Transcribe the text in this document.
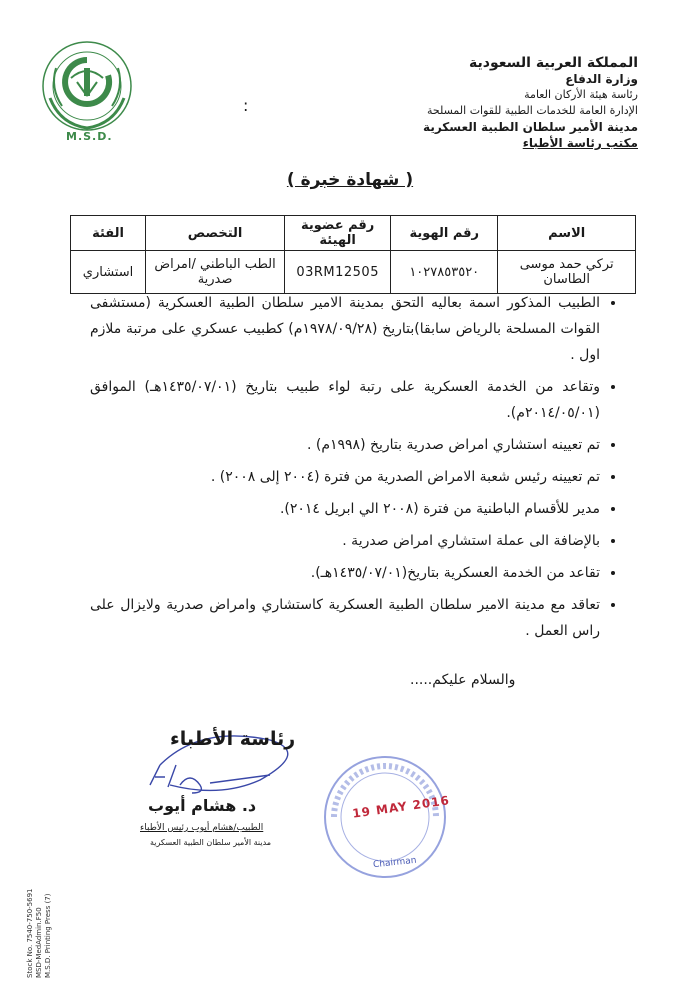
M.S.D.
:
المملكة العربية السعودية
وزارة الدفاع
رئاسة هيئة الأركان العامة
الإدارة العامة للخدمات الطبية للقوات المسلحة
مدينة الأمير سلطان الطبية العسكرية
مكتب رئاسة الأطباء
( شهادة خبرة )
الاسم	رقم الهوية	رقم عضوية الهيئة	التخصص	الفئة
تركي حمد موسى الطاسان	١٠٢٧٨٥٣٥٢٠	03RM12505	الطب الباطني /امراض صدرية	استشاري
• الطبيب المذكور اسمة بعاليه التحق بمدينة الامير سلطان الطبية العسكرية (مستشفى القوات المسلحة بالرياض سابقا)بتاريخ (١٩٧٨/٠٩/٢٨م) كطبيب عسكري على مرتبة ملازم اول .
• وتقاعد من الخدمة العسكرية على رتبة لواء طبيب بتاريخ (١٤٣٥/٠٧/٠١هـ) الموافق (٢٠١٤/٠٥/٠١م).
• تم تعيينه استشاري امراض صدرية بتاريخ (١٩٩٨م) .
• تم تعيينه رئيس شعبة الامراض الصدرية من فترة (٢٠٠٤ إلى ٢٠٠٨) .
• مدير للأقسام الباطنية من فترة (٢٠٠٨ الي ابريل ٢٠١٤).
• بالإضافة الى عملة استشاري امراض صدرية .
• تقاعد من الخدمة العسكرية بتاريخ(١٤٣٥/٠٧/٠١هـ).
• تعاقد مع مدينة الامير سلطان الطبية العسكرية كاستشاري وامراض صدرية ولايزال على راس العمل .
والسلام عليكم.....
رئاسة الأطباء
د. هشام أيوب
الطبيب/هشام أيوب رئيس الأطباء
مدينة الأمير سلطان الطبية العسكرية
19 MAY 2016
Chairman
Stock No. 7540-750-5691 MSD-MedAdmin.F50 M.S.D. Printing Press (7)
